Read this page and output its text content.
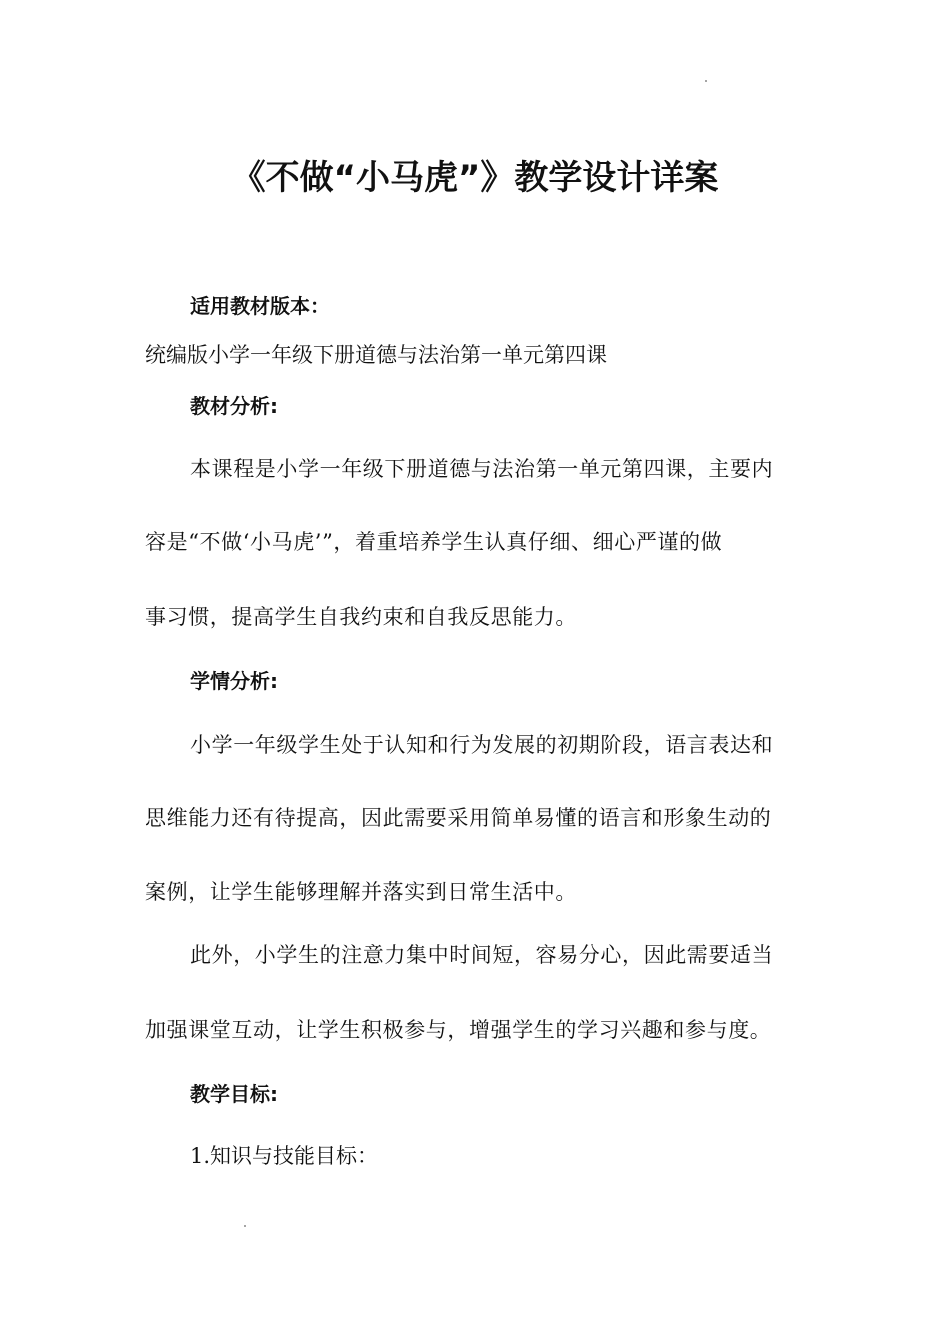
《不做“小马虎”》教学设计详案
适用教材版本：
统编版小学一年级下册道德与法治第一单元第四课
教材分析:
本课程是小学一年级下册道德与法治第一单元第四课，主要内
容是“不做‘小马虎’”，着重培养学生认真仔细、细心严谨的做
事习惯，提高学生自我约束和自我反思能力。
学情分析:
小学一年级学生处于认知和行为发展的初期阶段，语言表达和
思维能力还有待提高，因此需要采用简单易懂的语言和形象生动的
案例，让学生能够理解并落实到日常生活中。
此外，小学生的注意力集中时间短，容易分心，因此需要适当
加强课堂互动，让学生积极参与，增强学生的学习兴趣和参与度。
教学目标:
1.知识与技能目标：
